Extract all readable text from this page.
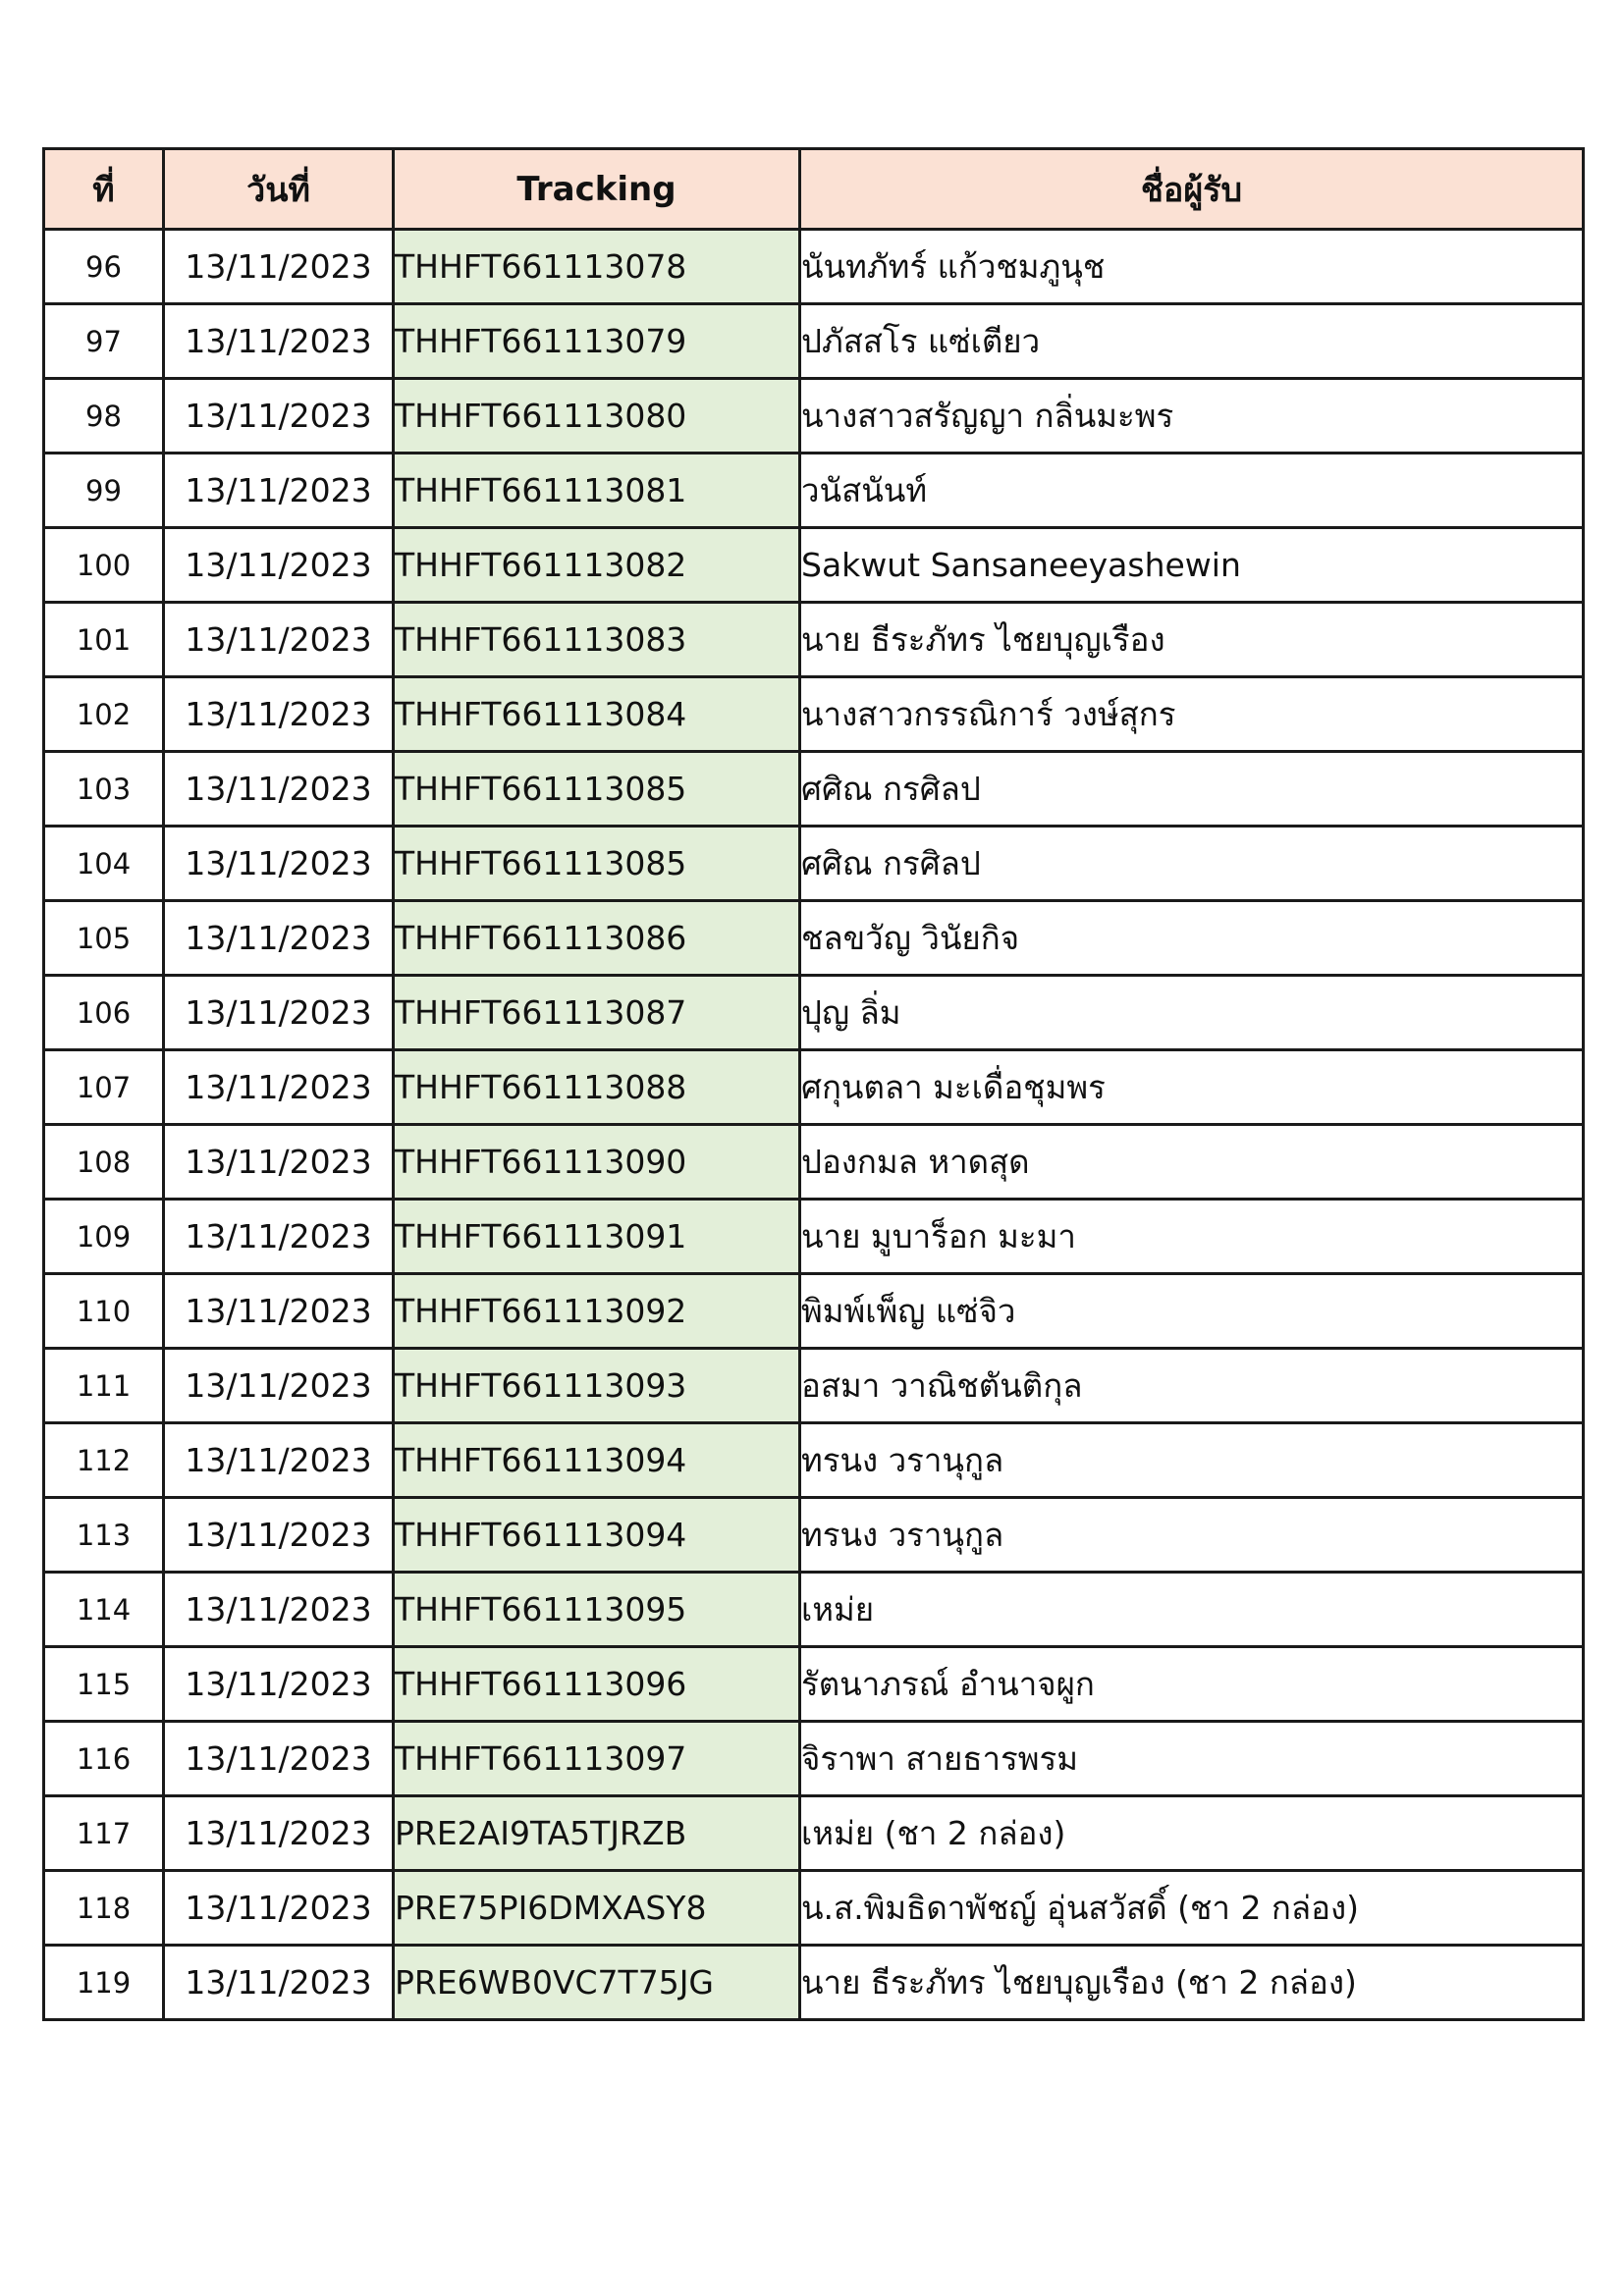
ที่	วันที่	Tracking	ชื่อผู้รับ
96	13/11/2023	THHFT661113078	นันทภัทร์ แก้วชมภูนุช
97	13/11/2023	THHFT661113079	ปภัสสโร แซ่เตียว
98	13/11/2023	THHFT661113080	นางสาวสรัญญา กลิ่นมะพร
99	13/11/2023	THHFT661113081	วนัสนันท์
100	13/11/2023	THHFT661113082	Sakwut Sansaneeyashewin
101	13/11/2023	THHFT661113083	นาย ธีระภัทร ไชยบุญเรือง
102	13/11/2023	THHFT661113084	นางสาวกรรณิการ์ วงษ์สุกร
103	13/11/2023	THHFT661113085	ศศิณ กรศิลป
104	13/11/2023	THHFT661113085	ศศิณ กรศิลป
105	13/11/2023	THHFT661113086	ชลขวัญ วินัยกิจ
106	13/11/2023	THHFT661113087	ปุญ ลิ่ม
107	13/11/2023	THHFT661113088	ศกุนตลา มะเดื่อชุมพร
108	13/11/2023	THHFT661113090	ปองกมล หาดสุด
109	13/11/2023	THHFT661113091	นาย มูบาร็อก มะมา
110	13/11/2023	THHFT661113092	พิมพ์เพ็ญ แซ่จิว
111	13/11/2023	THHFT661113093	อสมา วาณิชตันติกุล
112	13/11/2023	THHFT661113094	ทรนง วรานุกูล
113	13/11/2023	THHFT661113094	ทรนง วรานุกูล
114	13/11/2023	THHFT661113095	เหม่ย
115	13/11/2023	THHFT661113096	รัตนาภรณ์ อำนาจผูก
116	13/11/2023	THHFT661113097	จิราพา สายธารพรม
117	13/11/2023	PRE2AI9TA5TJRZB	เหม่ย (ชา 2 กล่อง)
118	13/11/2023	PRE75PI6DMXASY8	น.ส.พิมธิดาพัชญ์ อุ่นสวัสดิ์ (ชา 2 กล่อง)
119	13/11/2023	PRE6WB0VC7T75JG	นาย ธีระภัทร ไชยบุญเรือง (ชา 2 กล่อง)
